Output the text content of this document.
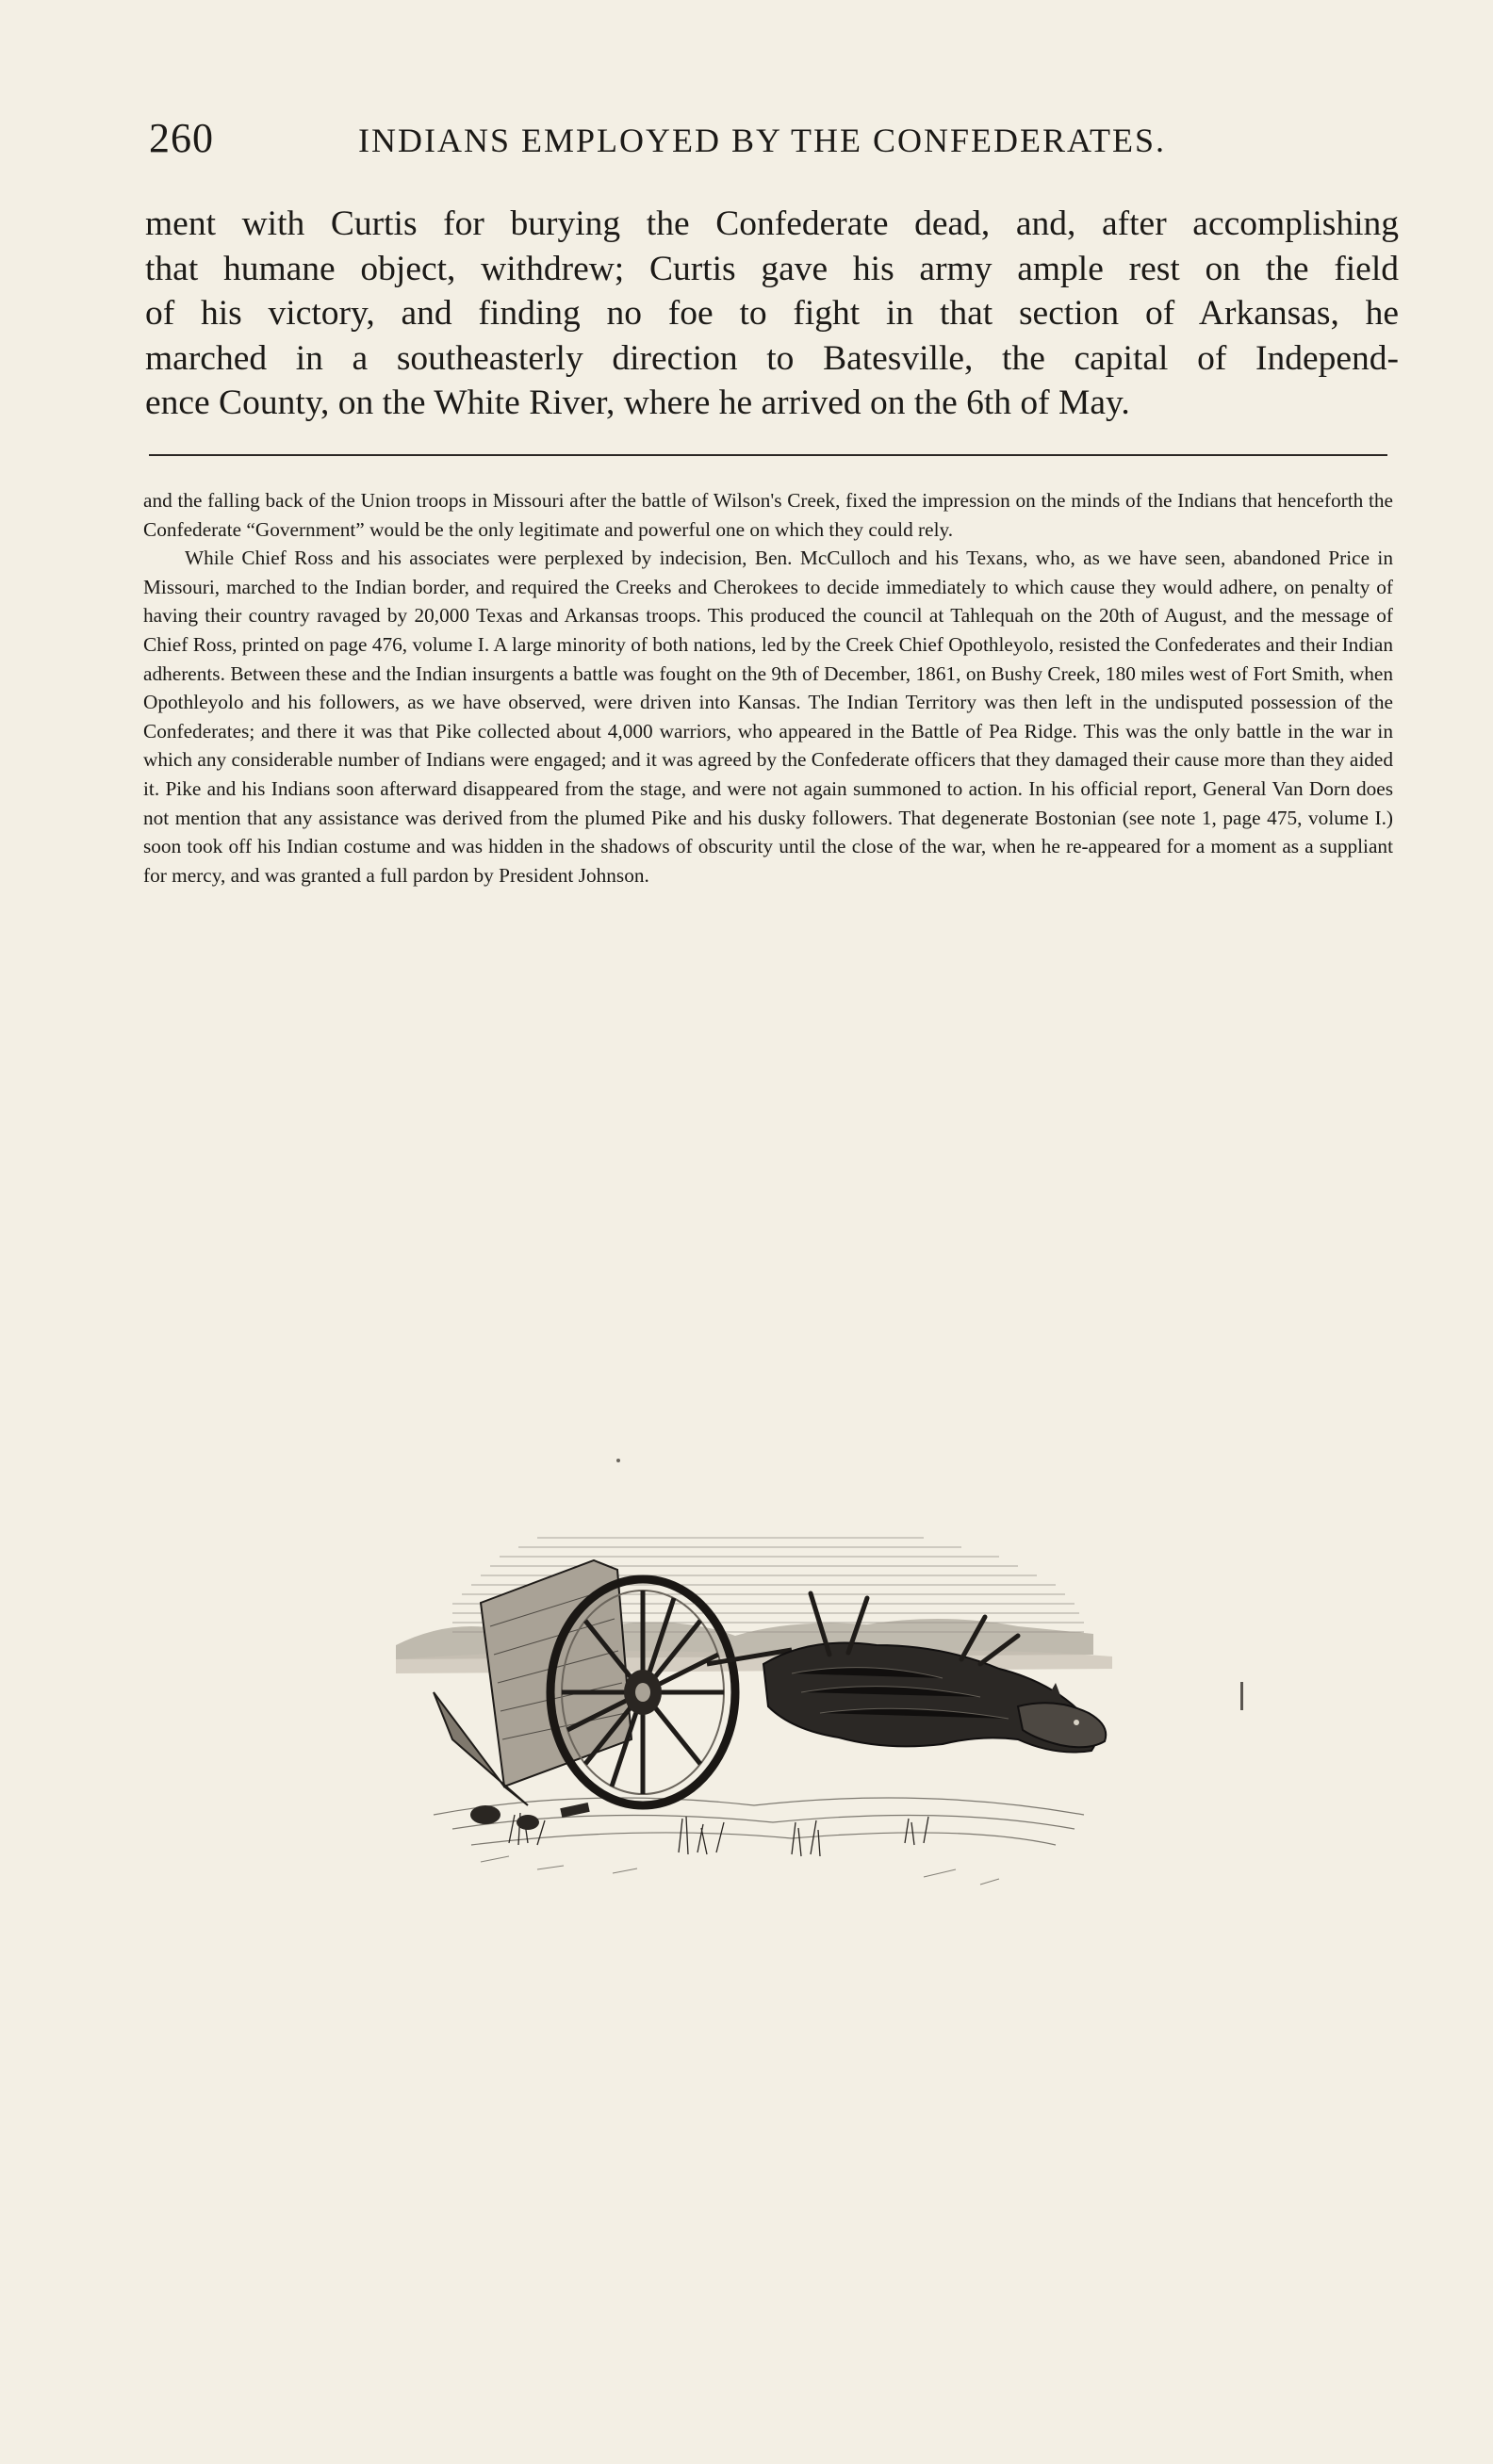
260	INDIANS EMPLOYED BY THE CONFEDERATES.
ment with Curtis for burying the Confederate dead, and, after accomplishing
that humane object, withdrew; Curtis gave his army ample rest on the field
of his victory, and finding no foe to fight in that section of Arkansas, he
marched in a southeasterly direction to Batesville, the capital of Independ-
ence County, on the White River, where he arrived on the 6th of May.

and the falling back of the Union troops in Missouri after the battle of Wilson's Creek, fixed the impression on the minds of the Indians that henceforth the Confederate “Government” would be the only legitimate and powerful one on which they could rely.

While Chief Ross and his associates were perplexed by indecision, Ben. McCulloch and his Texans, who, as we have seen, abandoned Price in Missouri, marched to the Indian border, and required the Creeks and Cherokees to decide immediately to which cause they would adhere, on penalty of having their country ravaged by 20,000 Texas and Arkansas troops. This produced the council at Tahlequah on the 20th of August, and the message of Chief Ross, printed on page 476, volume I. A large minority of both nations, led by the Creek Chief Opothleyolo, resisted the Confederates and their Indian adherents. Between these and the Indian insurgents a battle was fought on the 9th of December, 1861, on Bushy Creek, 180 miles west of Fort Smith, when Opothleyolo and his followers, as we have observed, were driven into Kansas. The Indian Territory was then left in the undisputed possession of the Confederates; and there it was that Pike collected about 4,000 warriors, who appeared in the Battle of Pea Ridge. This was the only battle in the war in which any considerable number of Indians were engaged; and it was agreed by the Confederate officers that they damaged their cause more than they aided it. Pike and his Indians soon afterward disappeared from the stage, and were not again summoned to action. In his official report, General Van Dorn does not mention that any assistance was derived from the plumed Pike and his dusky followers. That degenerate Bostonian (see note 1, page 475, volume I.) soon took off his Indian costume and was hidden in the shadows of obscurity until the close of the war, when he re-appeared for a moment as a suppliant for mercy, and was granted a full pardon by President Johnson.
